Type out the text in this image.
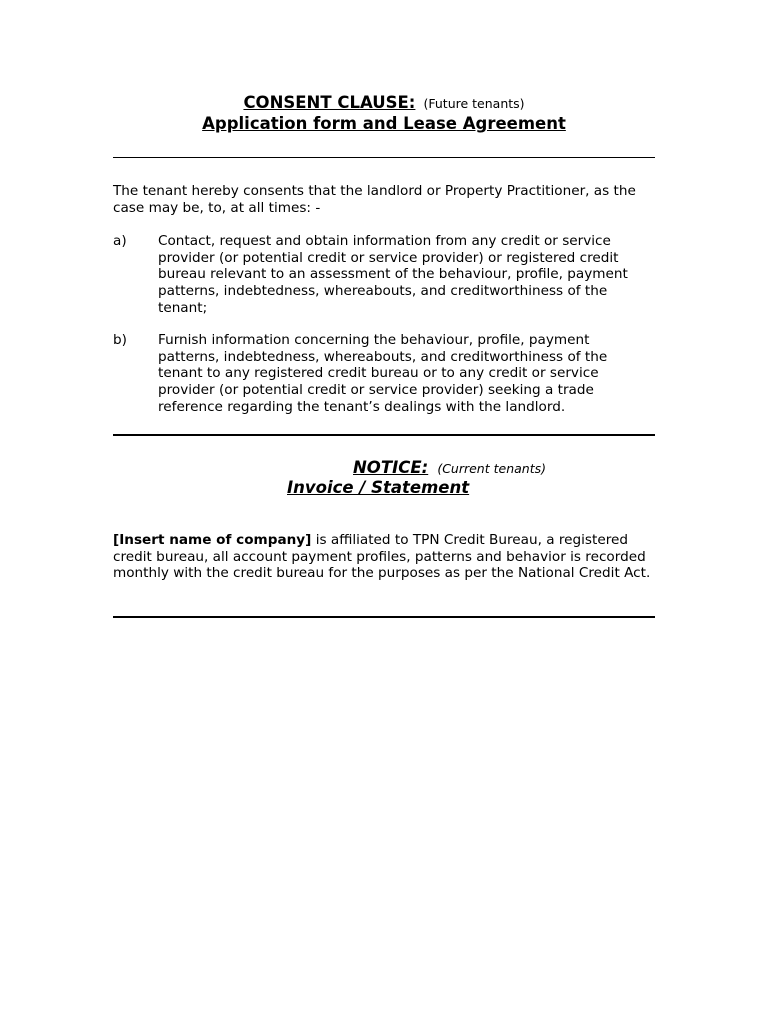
CONSENT CLAUSE: (Future tenants)
Application form and Lease Agreement
The tenant hereby consents that the landlord or Property Practitioner, as the case may be, to, at all times: -
a) Contact, request and obtain information from any credit or service provider (or potential credit or service provider) or registered credit bureau relevant to an assessment of the behaviour, profile, payment patterns, indebtedness, whereabouts, and creditworthiness of the tenant;
b) Furnish information concerning the behaviour, profile, payment patterns, indebtedness, whereabouts, and creditworthiness of the tenant to any registered credit bureau or to any credit or service provider (or potential credit or service provider) seeking a trade reference regarding the tenant’s dealings with the landlord.
NOTICE: (Current tenants)
Invoice / Statement
[Insert name of company] is affiliated to TPN Credit Bureau, a registered credit bureau, all account payment profiles, patterns and behavior is recorded monthly with the credit bureau for the purposes as per the National Credit Act.
